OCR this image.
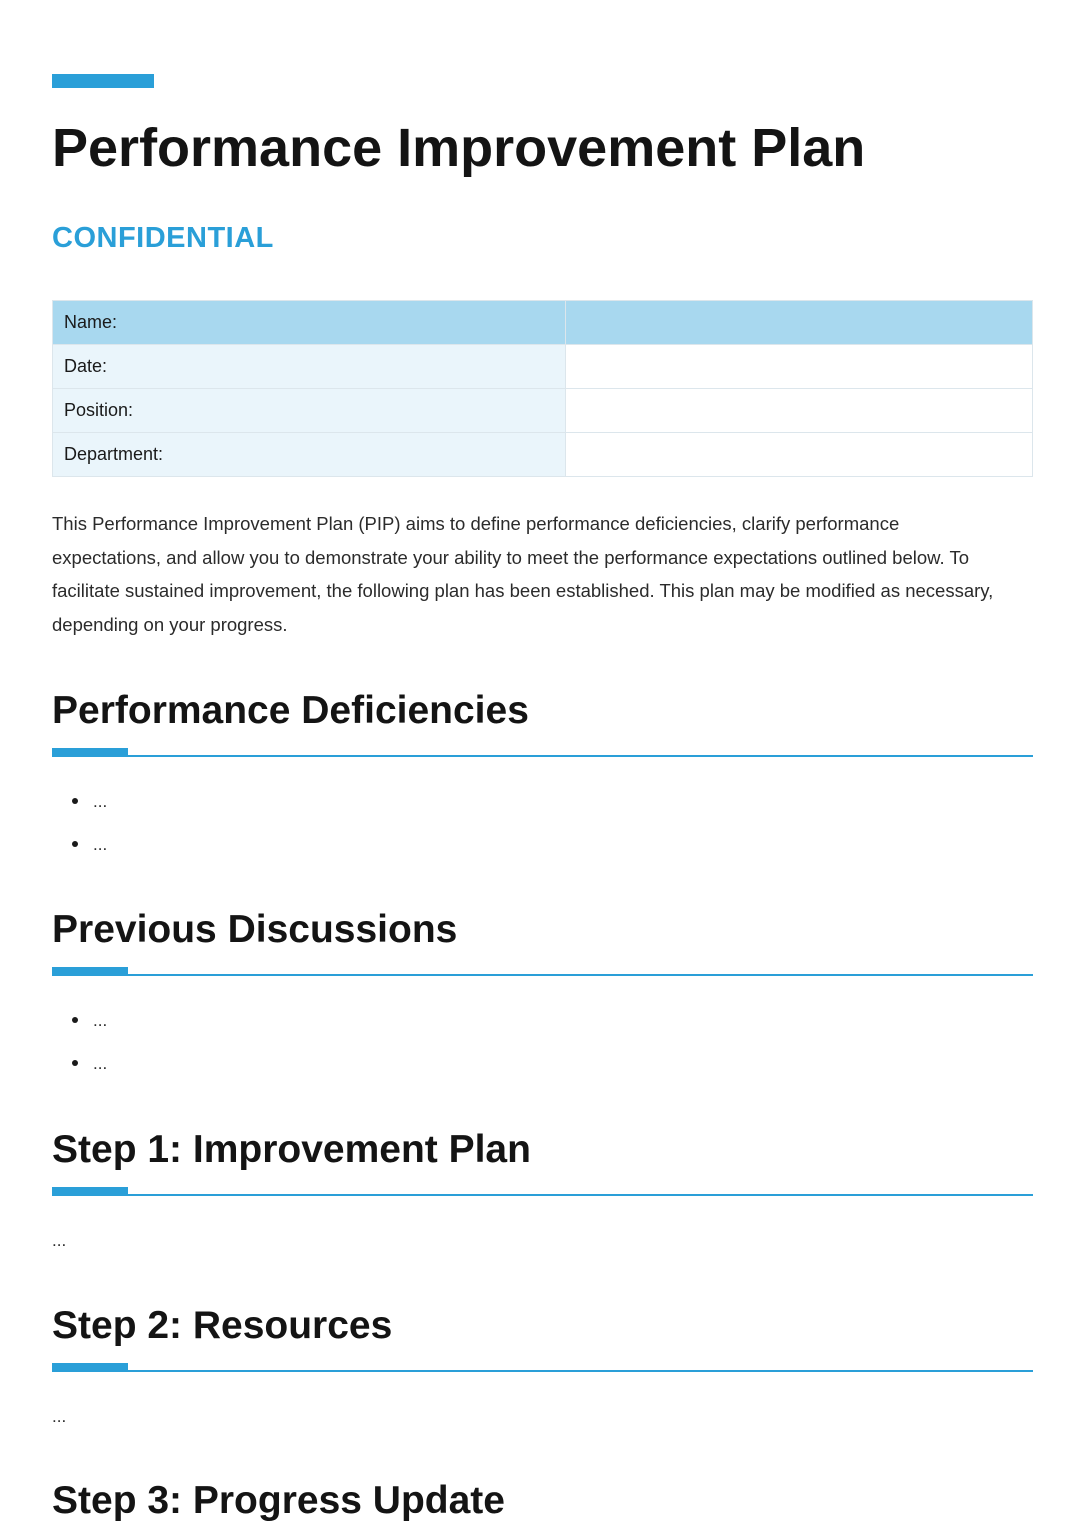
Performance Improvement Plan
CONFIDENTIAL
Name:	
Date:	
Position:	
Department:	

This Performance Improvement Plan (PIP) aims to define performance deficiencies, clarify performance expectations, and allow you to demonstrate your ability to meet the performance expectations outlined below. To facilitate sustained improvement, the following plan has been established. This plan may be modified as necessary, depending on your progress.

Performance Deficiencies
...
...
Previous Discussions
...
...
Step 1: Improvement Plan

...

Step 2: Resources

...

Step 3: Progress Update
